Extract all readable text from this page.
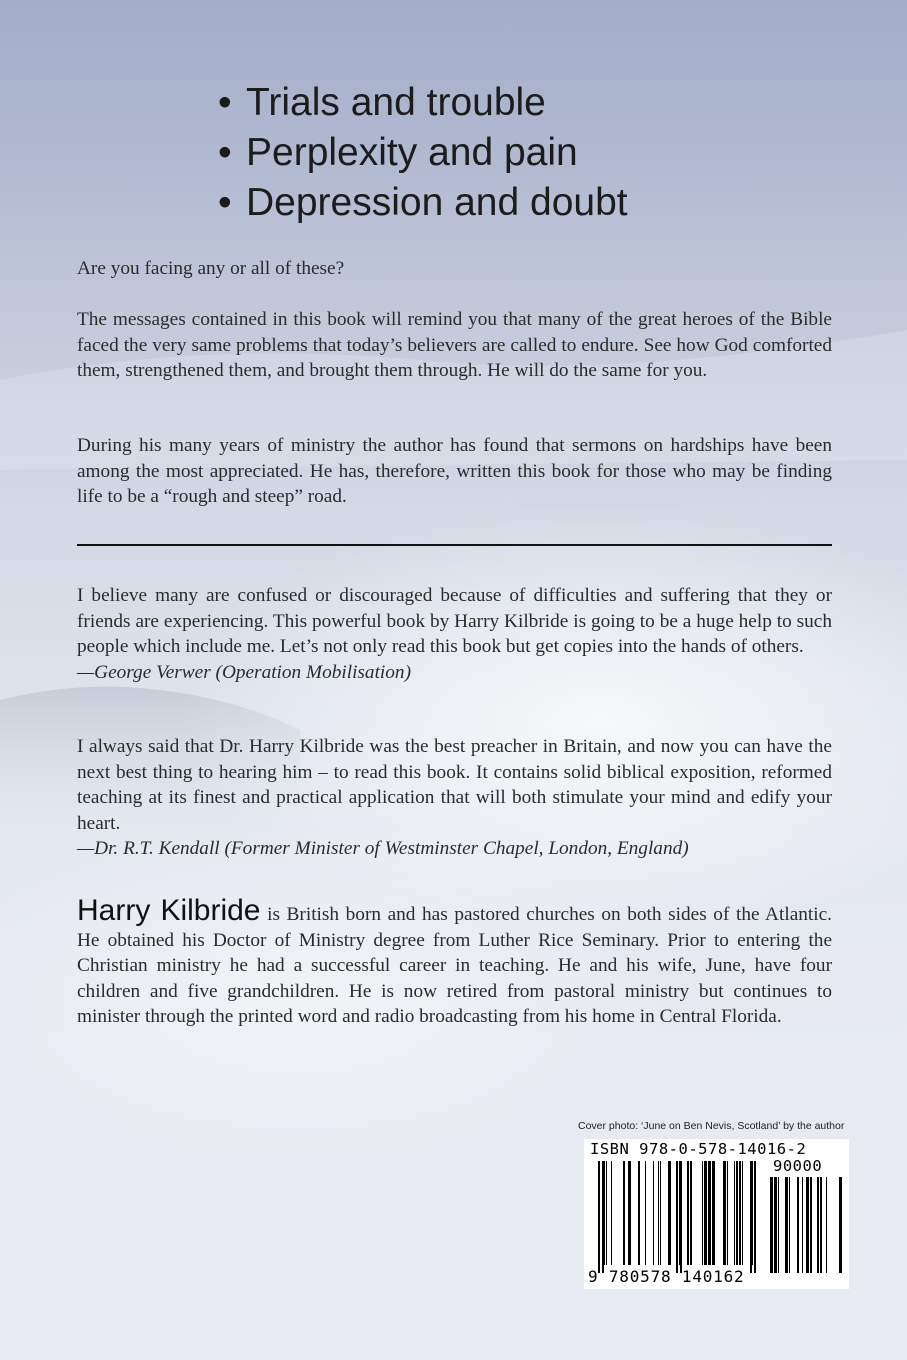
• Trials and trouble
• Perplexity and pain
• Depression and doubt

Are you facing any or all of these?

The messages contained in this book will remind you that many of the great heroes of the Bible faced the very same problems that today’s believers are called to endure. See how God comforted them, strengthened them, and brought them through. He will do the same for you.

During his many years of ministry the author has found that sermons on hardships have been among the most appreciated. He has, therefore, written this book for those who may be finding life to be a “rough and steep” road.

I believe many are confused or discouraged because of difficulties and suffering that they or friends are experiencing. This powerful book by Harry Kilbride is going to be a huge help to such people which include me. Let’s not only read this book but get copies into the hands of others.
—George Verwer (Operation Mobilisation)
I always said that Dr. Harry Kilbride was the best preacher in Britain, and now you can have the next best thing to hearing him – to read this book. It contains solid biblical exposition, reformed teaching at its finest and practical application that will both stimulate your mind and edify your heart.
—Dr. R.T. Kendall (Former Minister of Westminster Chapel, London, England)

Harry Kilbride is British born and has pastored churches on both sides of the Atlantic. He obtained his Doctor of Ministry degree from Luther Rice Seminary. Prior to entering the Christian ministry he had a successful career in teaching. He and his wife, June, have four children and five grandchildren. He is now retired from pastoral ministry but continues to minister through the printed word and radio broadcasting from his home in Central Florida.

Cover photo: ‘June on Ben Nevis, Scotland’ by the author
ISBN 978-0-578-14016-2
90000
9 780578 140162
